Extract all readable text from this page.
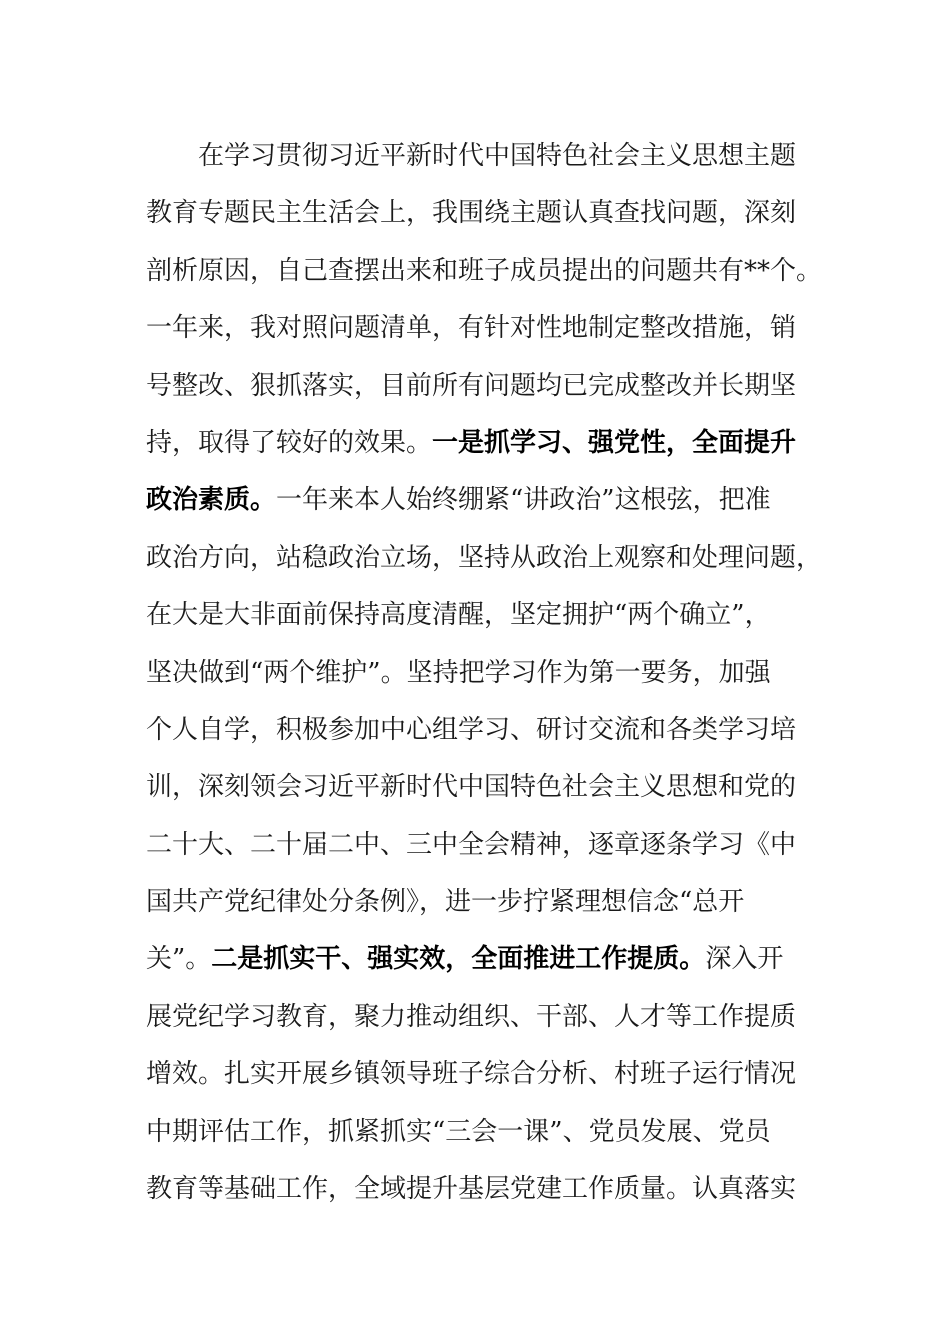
在学习贯彻习近平新时代中国特色社会主义思想主题
教育专题民主生活会上，我围绕主题认真查找问题，深刻
剖析原因，自己查摆出来和班子成员提出的问题共有**个。
一年来，我对照问题清单，有针对性地制定整改措施，销
号整改、狠抓落实，目前所有问题均已完成整改并长期坚
持，取得了较好的效果。一是抓学习、强党性，全面提升
政治素质。一年来本人始终绷紧“讲政治”这根弦，把准
政治方向，站稳政治立场，坚持从政治上观察和处理问题，
在大是大非面前保持高度清醒，坚定拥护“两个确立”，
坚决做到“两个维护”。坚持把学习作为第一要务，加强
个人自学，积极参加中心组学习、研讨交流和各类学习培
训，深刻领会习近平新时代中国特色社会主义思想和党的
二十大、二十届二中、三中全会精神，逐章逐条学习《中
国共产党纪律处分条例》，进一步拧紧理想信念“总开
关”。二是抓实干、强实效，全面推进工作提质。深入开
展党纪学习教育，聚力推动组织、干部、人才等工作提质
增效。扎实开展乡镇领导班子综合分析、村班子运行情况
中期评估工作，抓紧抓实“三会一课”、党员发展、党员
教育等基础工作，全域提升基层党建工作质量。认真落实
